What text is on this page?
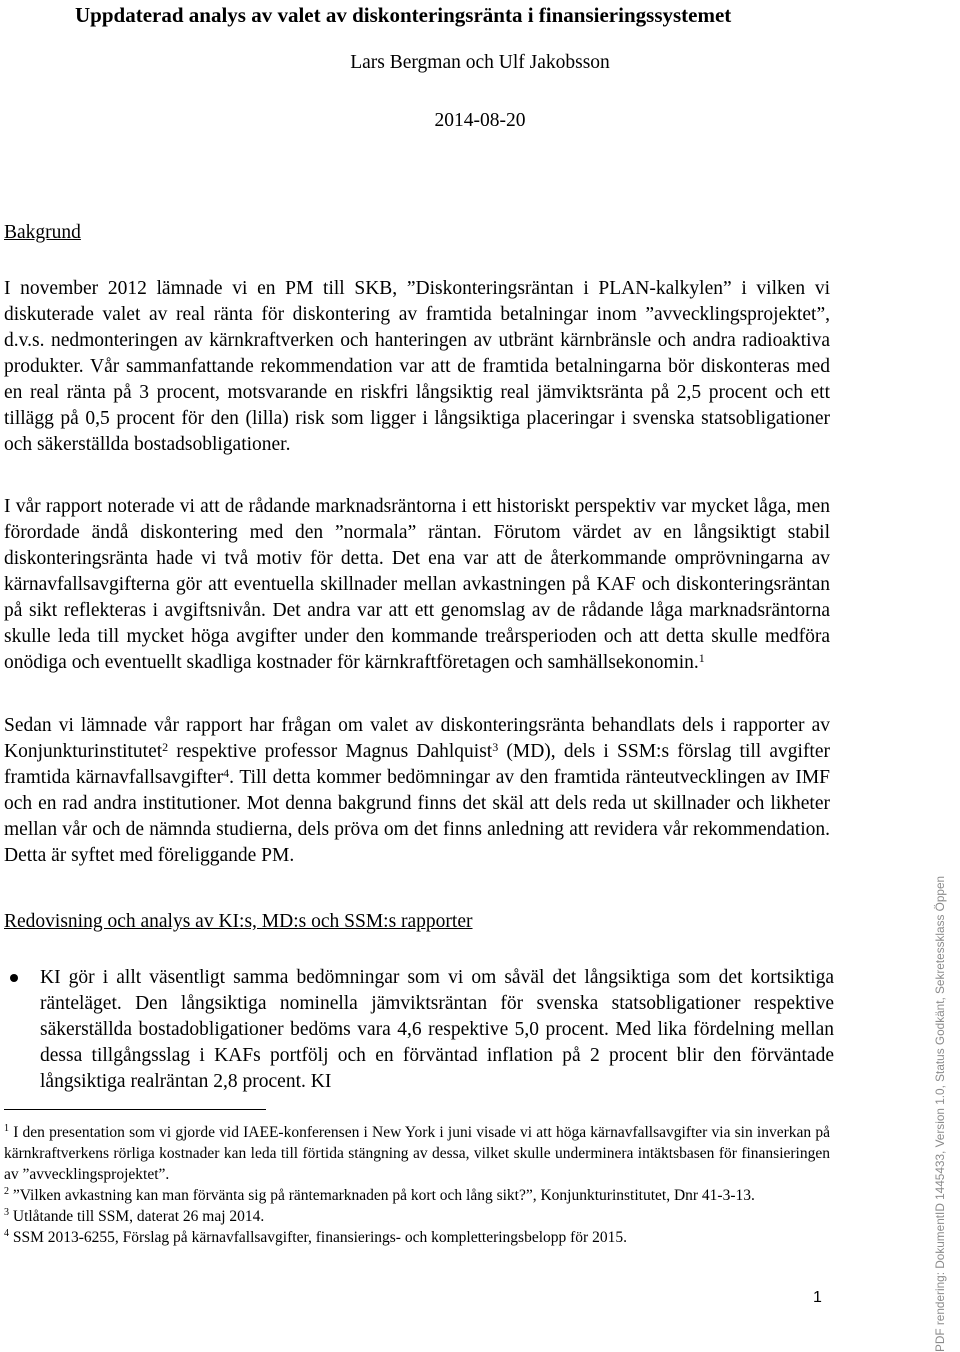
Uppdaterad analys av valet av diskonteringsränta i finansieringssystemet
Lars Bergman och Ulf Jakobsson
2014-08-20
Bakgrund

I november 2012 lämnade vi en PM till SKB, ”Diskonteringsräntan i PLAN-kalkylen” i vilken vi diskuterade valet av real ränta för diskontering av framtida betalningar inom ”avvecklingsprojektet”, d.v.s. nedmonteringen av kärnkraftverken och hanteringen av utbränt kärnbränsle och andra radioaktiva produkter. Vår sammanfattande rekommendation var att de framtida betalningarna bör diskonteras med en real ränta på 3 procent, motsvarande en riskfri långsiktig real jämviktsränta på 2,5 procent och ett tillägg på 0,5 procent för den (lilla) risk som ligger i långsiktiga placeringar i svenska statsobligationer och säkerställda bostadsobligationer.

I vår rapport noterade vi att de rådande marknadsräntorna i ett historiskt perspektiv var mycket låga, men förordade ändå diskontering med den ”normala” räntan. Förutom värdet av en långsiktigt stabil diskonteringsränta hade vi två motiv för detta. Det ena var att de återkommande omprövningarna av kärnavfallsavgifterna gör att eventuella skillnader mellan avkastningen på KAF och diskonteringsräntan på sikt reflekteras i avgiftsnivån. Det andra var att ett genomslag av de rådande låga marknadsräntorna skulle leda till mycket höga avgifter under den kommande treårsperioden och att detta skulle medföra onödiga och eventuellt skadliga kostnader för kärnkraftföretagen och samhällsekonomin.$^1$

Sedan vi lämnade vår rapport har frågan om valet av diskonteringsränta behandlats dels i rapporter av Konjunkturinstitutet$^2$ respektive professor Magnus Dahlquist$^3$ (MD), dels i SSM:s förslag till avgifter framtida kärnavfallsavgifter$^4$. Till detta kommer bedömningar av den framtida ränteutvecklingen av IMF och en rad andra institutioner. Mot denna bakgrund finns det skäl att dels reda ut skillnader och likheter mellan vår och de nämnda studierna, dels pröva om det finns anledning att revidera vår rekommendation. Detta är syftet med föreliggande PM.

Redovisning och analys av KI:s, MD:s och SSM:s rapporter

KI gör i allt väsentligt samma bedömningar som vi om såväl det långsiktiga som det kortsiktiga ränteläget. Den långsiktiga nominella jämviktsräntan för svenska statsobligationer respektive säkerställda bostadobligationer bedöms vara 4,6 respektive 5,0 procent. Med lika fördelning mellan dessa tillgångsslag i KAFs portfölj och en förväntad inflation på 2 procent blir den förväntade långsiktiga realräntan 2,8 procent. KI

$^1$ I den presentation som vi gjorde vid IAEE-konferensen i New York i juni visade vi att höga kärnavfallsavgifter via sin inverkan på kärnkraftverkens rörliga kostnader kan leda till förtida stängning av dessa, vilket skulle underminera intäktsbasen för finansieringen av ”avvecklingsprojektet”.

$^2$ ”Vilken avkastning kan man förvänta sig på räntemarknaden på kort och lång sikt?”, Konjunkturinstitutet, Dnr 41-3-13.

$^3$ Utlåtande till SSM, daterat 26 maj 2014.

$^4$ SSM 2013-6255, Förslag på kärnavfallsavgifter, finansierings- och kompletteringsbelopp för 2015.

1	PDF rendering: DokumentID 1445433, Version 1.0, Status Godkänt, Sekretessklass Öppen
